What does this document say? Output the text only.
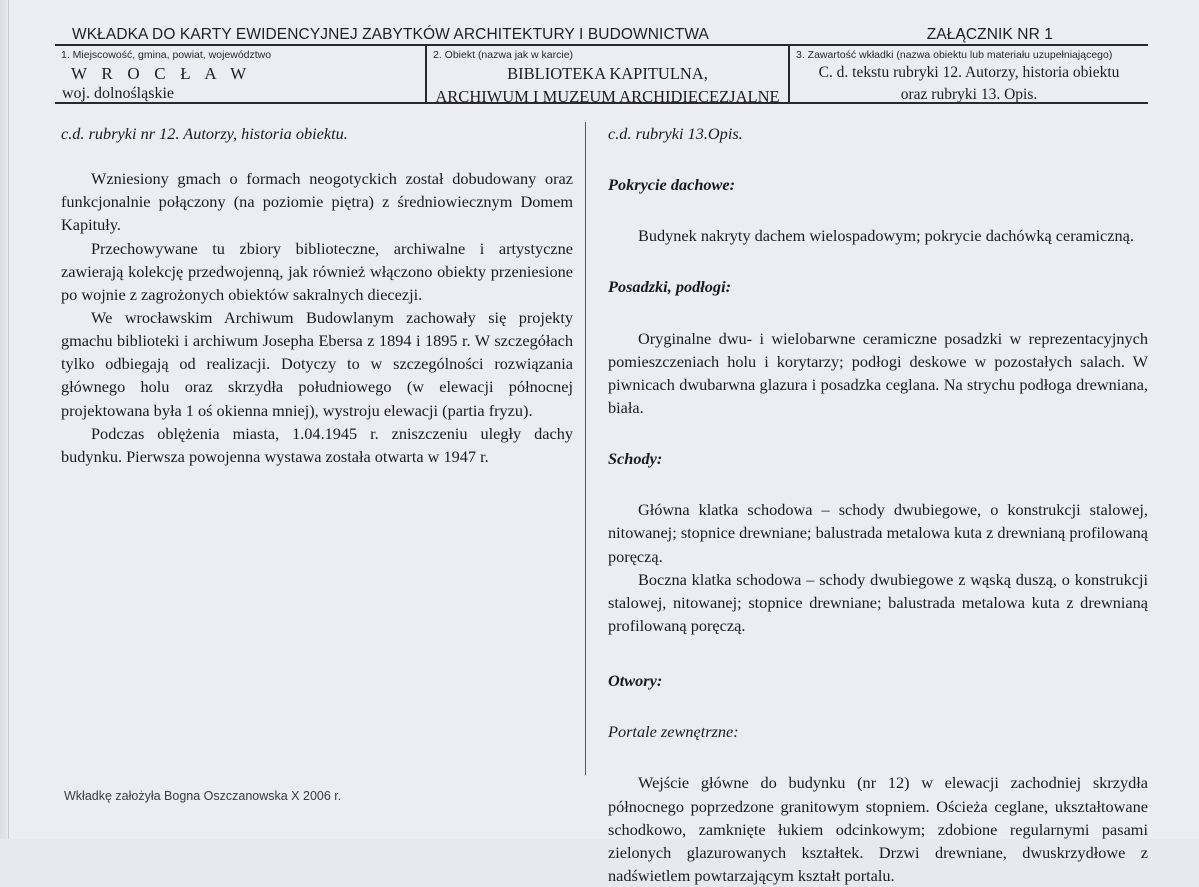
WKŁADKA DO KARTY EWIDENCYJNEJ ZABYTKÓW ARCHITEKTURY I BUDOWNICTWA	ZAŁĄCZNIK NR 1
1. Miejscowość, gmina, powiat, województwo
W R O C Ł A W
woj. dolnośląskie
2. Obiekt (nazwa jak w karcie)
BIBLIOTEKA KAPITULNA,
ARCHIWUM I MUZEUM ARCHIDIECEZJALNE
3. Zawartość wkładki (nazwa obiektu lub materiału uzupełniającego)
C. d. tekstu rubryki 12. Autorzy, historia obiektu
oraz rubryki 13. Opis.
c.d. rubryki nr 12. Autorzy, historia obiektu.

Wzniesiony gmach o formach neogotyckich został dobudowany oraz funkcjonalnie połączony (na poziomie piętra) z średniowiecznym Domem Kapituły.

Przechowywane tu zbiory biblioteczne, archiwalne i artystyczne zawierają kolekcję przedwojenną, jak również włączono obiekty przeniesione po wojnie z zagrożonych obiektów sakralnych diecezji.

We wrocławskim Archiwum Budowlanym zachowały się projekty gmachu biblioteki i archiwum Josepha Ebersa z 1894 i 1895 r. W szczegółach tylko odbiegają od realizacji. Dotyczy to w szczególności rozwiązania głównego holu oraz skrzydła południowego (w elewacji północnej projektowana była 1 oś okienna mniej), wystroju elewacji (partia fryzu).

Podczas oblężenia miasta, 1.04.1945 r. zniszczeniu uległy dachy budynku. Pierwsza powojenna wystawa została otwarta w 1947 r.

c.d. rubryki 13.Opis.
Pokrycie dachowe:

Budynek nakryty dachem wielospadowym; pokrycie dachówką ceramiczną.

Posadzki, podłogi:

Oryginalne dwu- i wielobarwne ceramiczne posadzki w reprezentacyjnych pomieszczeniach holu i korytarzy; podłogi deskowe w pozostałych salach. W piwnicach dwubarwna glazura i posadzka ceglana. Na strychu podłoga drewniana, biała.

Schody:

Główna klatka schodowa – schody dwubiegowe, o konstrukcji stalowej, nitowanej; stopnice drewniane; balustrada metalowa kuta z drewnianą profilowaną poręczą.

Boczna klatka schodowa – schody dwubiegowe z wąską duszą, o konstrukcji stalowej, nitowanej; stopnice drewniane; balustrada metalowa kuta z drewnianą profilowaną poręczą.

Otwory:
Portale zewnętrzne:

Wejście główne do budynku (nr 12) w elewacji zachodniej skrzydła północnego poprzedzone granitowym stopniem. Ościeża ceglane, ukształtowane schodkowo, zamknięte łukiem odcinkowym; zdobione regularnymi pasami zielonych glazurowanych kształtek. Drzwi drewniane, dwuskrzydłowe z nadświetlem powtarzającym kształt portalu.

Wkładkę założyła Bogna Oszczanowska X 2006 r.
